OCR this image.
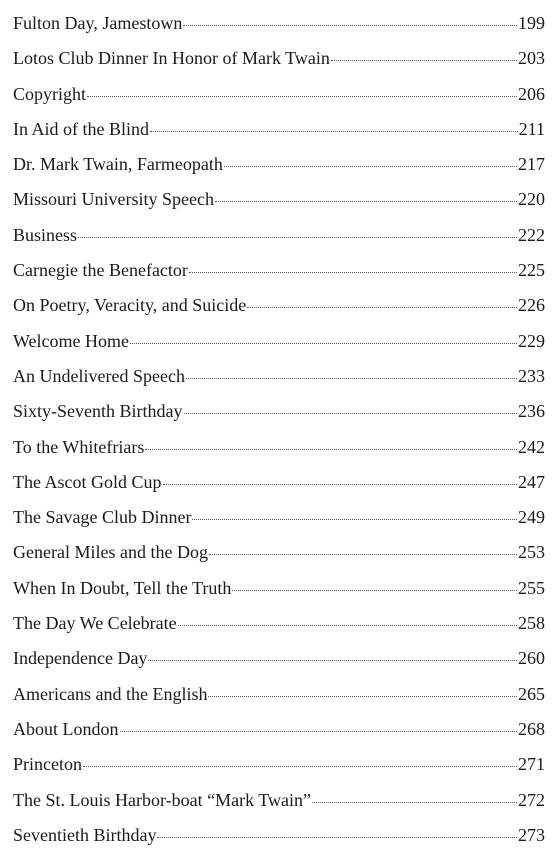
Fulton Day, Jamestown	199
Lotos Club Dinner In Honor of Mark Twain	203
Copyright	206
In Aid of the Blind	211
Dr. Mark Twain, Farmeopath	217
Missouri University Speech	220
Business	222
Carnegie the Benefactor	225
On Poetry, Veracity, and Suicide	226
Welcome Home	229
An Undelivered Speech	233
Sixty-Seventh Birthday	236
To the Whitefriars	242
The Ascot Gold Cup	247
The Savage Club Dinner	249
General Miles and the Dog	253
When In Doubt, Tell the Truth	255
The Day We Celebrate	258
Independence Day	260
Americans and the English	265
About London	268
Princeton	271
The St. Louis Harbor-boat “Mark Twain”	272
Seventieth Birthday	273
